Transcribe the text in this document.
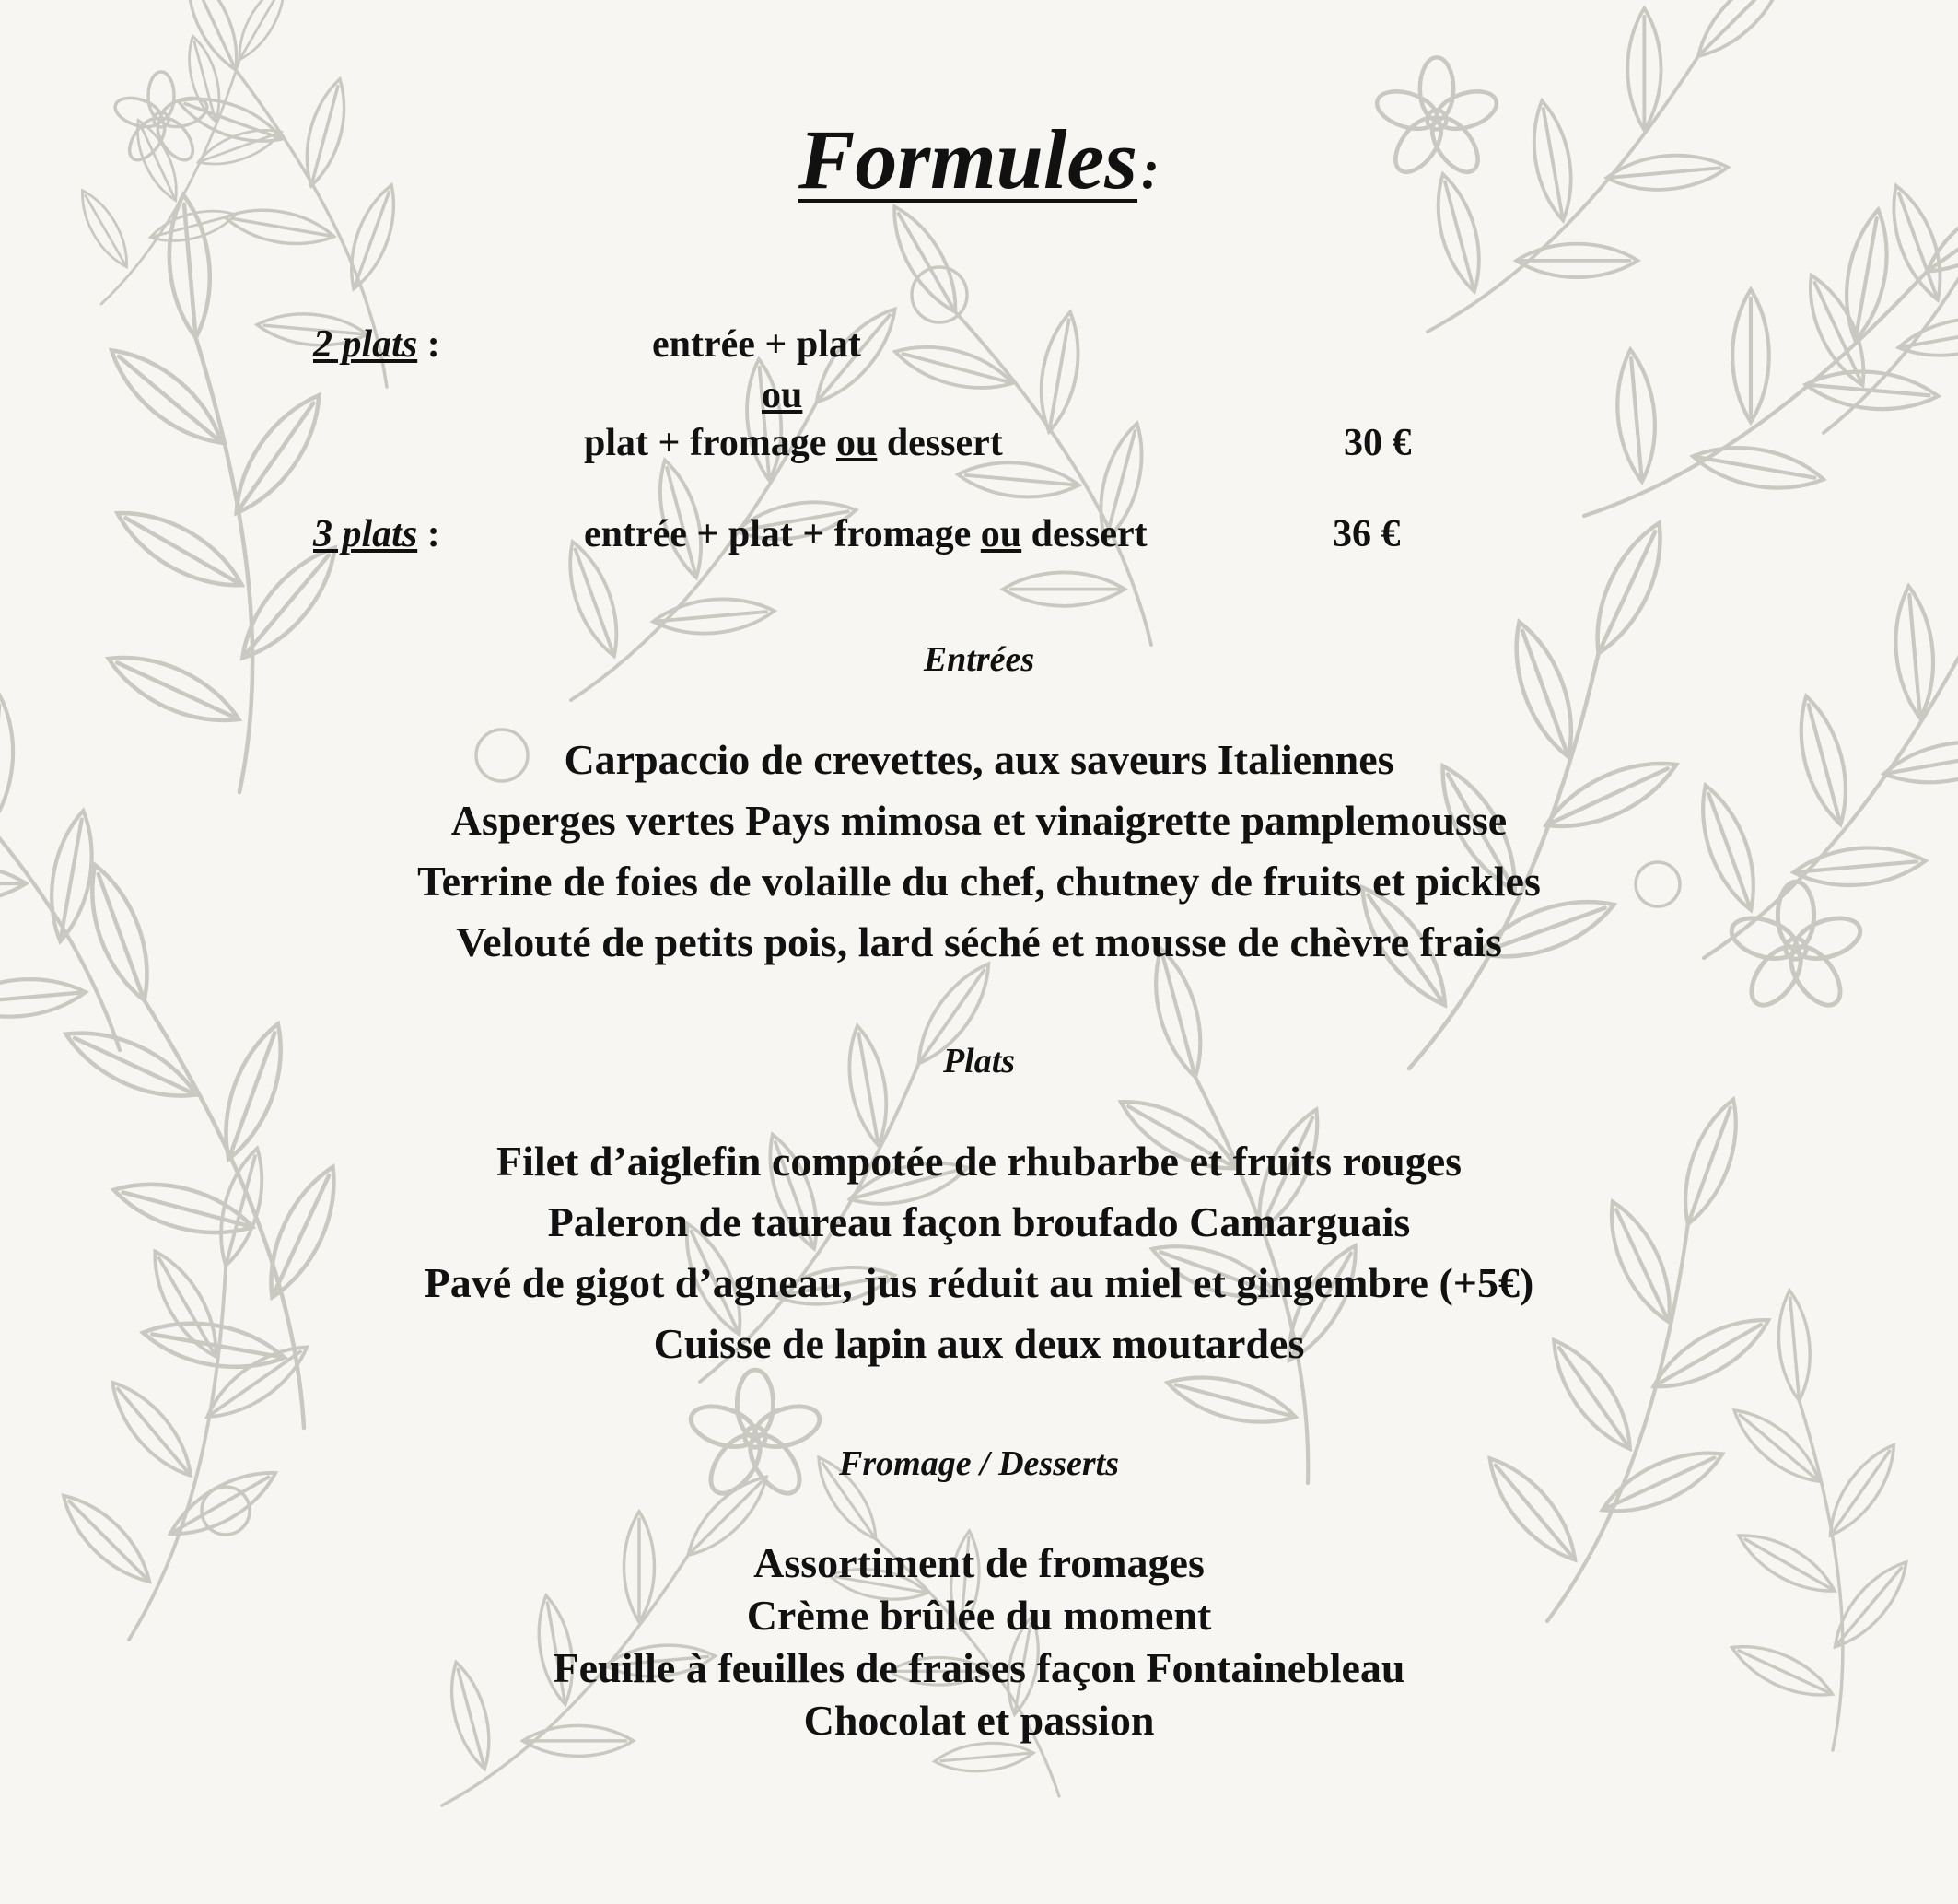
Formules:
2 plats :	entrée + plat
ou
plat + fromage ou dessert	30 €
3 plats :	entrée + plat + fromage ou dessert	36 €
Entrées
Carpaccio de crevettes, aux saveurs Italiennes
Asperges vertes Pays mimosa et vinaigrette pamplemousse
Terrine de foies de volaille du chef, chutney de fruits et pickles
Velouté de petits pois, lard séché et mousse de chèvre frais
Plats
Filet d’aiglefin compotée de rhubarbe et fruits rouges
Paleron de taureau façon broufado Camarguais
Pavé de gigot d’agneau, jus réduit au miel et gingembre (+5€)
Cuisse de lapin aux deux moutardes
Fromage / Desserts
Assortiment de fromages
Crème brûlée du moment
Feuille à feuilles de fraises façon Fontainebleau
Chocolat et passion
